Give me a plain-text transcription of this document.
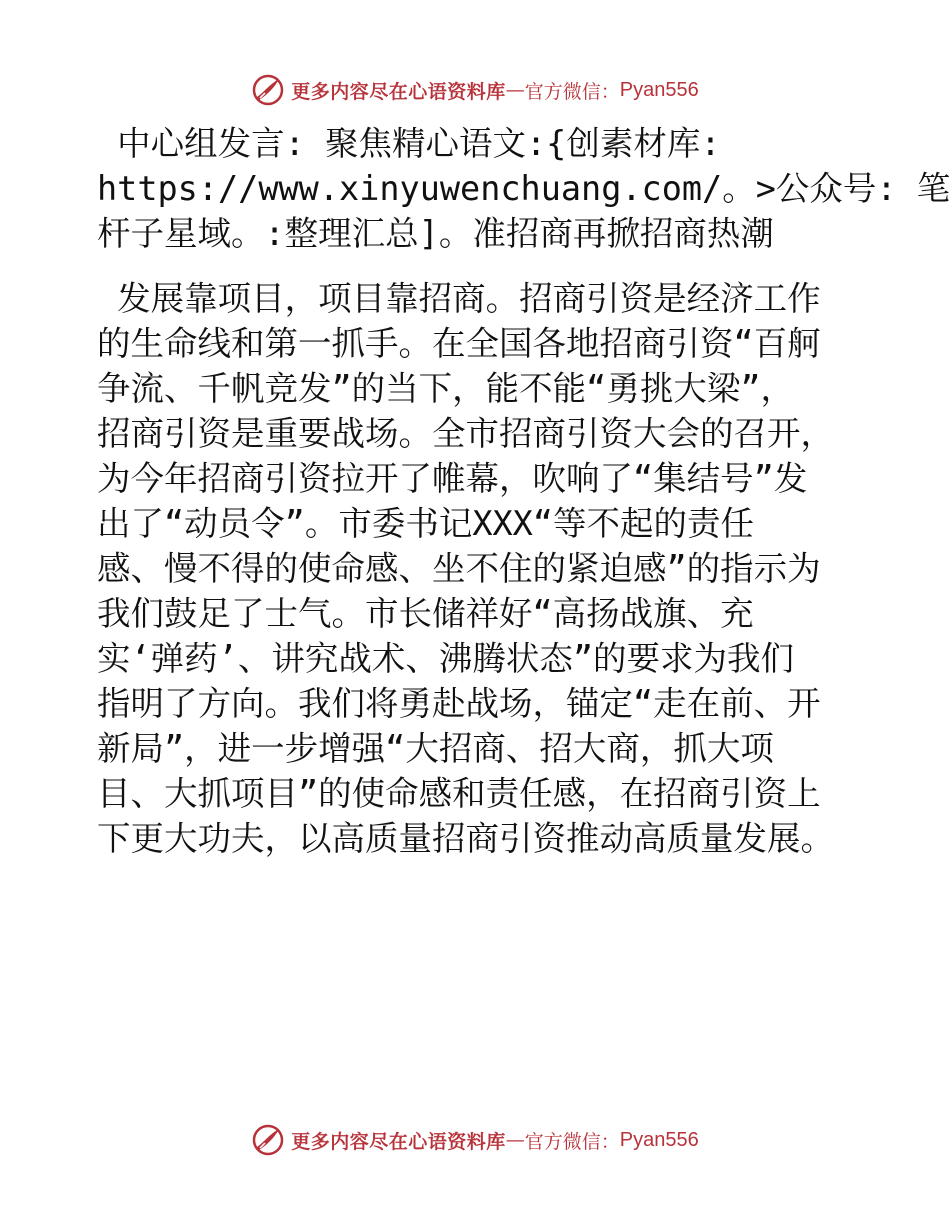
更多内容尽在心语资料库 — 官方微信： Pyan556
中心组发言: 聚焦精心语文:{创素材库:
https://www.xinyuwenchuang.com/。>公众号: 笔
杆子星域。:整理汇总]。准招商再掀招商热潮
发展靠项目，项目靠招商。招商引资是经济工作
的生命线和第一抓手。在全国各地招商引资“百舸
争流、千帆竞发”的当下，能不能“勇挑大梁”，
招商引资是重要战场。全市招商引资大会的召开，
为今年招商引资拉开了帷幕，吹响了“集结号”发
出了“动员令”。市委书记XXX“等不起的责任
感、慢不得的使命感、坐不住的紧迫感”的指示为
我们鼓足了士气。市长储祥好“高扬战旗、充
实‘弹药’、讲究战术、沸腾状态”的要求为我们
指明了方向。我们将勇赴战场，锚定“走在前、开
新局”，进一步增强“大招商、招大商，抓大项
目、大抓项目”的使命感和责任感，在招商引资上
下更大功夫，以高质量招商引资推动高质量发展。
更多内容尽在心语资料库 — 官方微信： Pyan556
